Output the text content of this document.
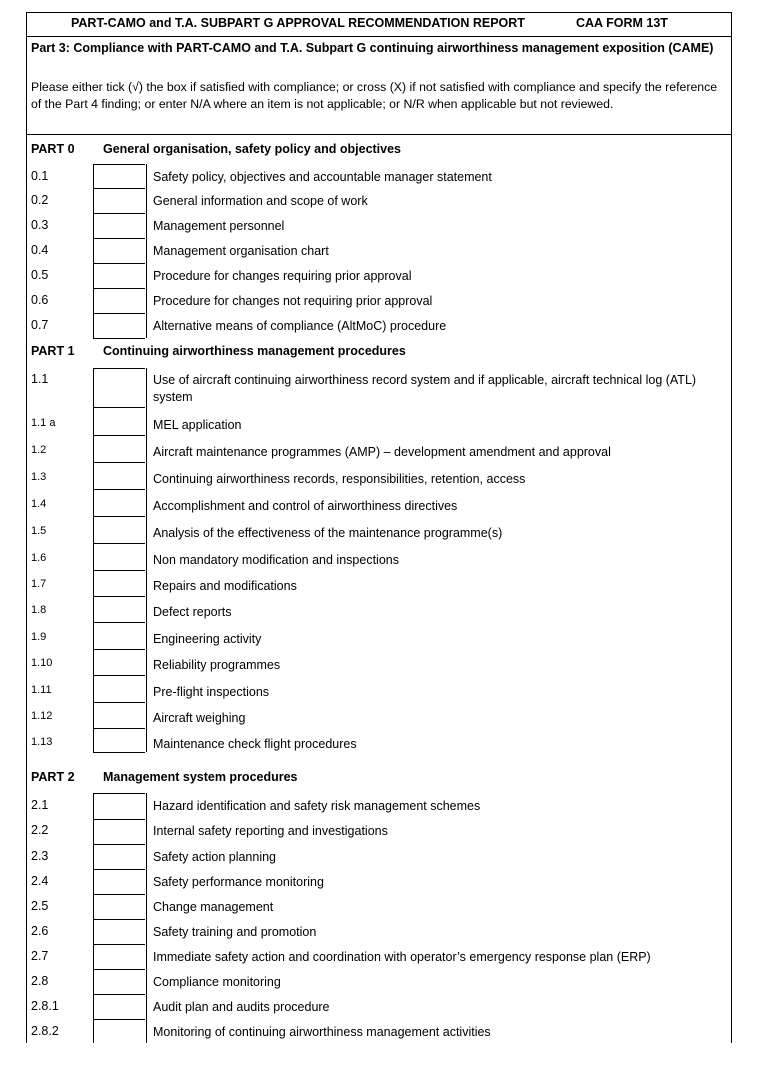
PART-CAMO and T.A. SUBPART G APPROVAL RECOMMENDATION REPORT	CAA FORM 13T
Part 3: Compliance with PART-CAMO and T.A. Subpart G continuing airworthiness management exposition (CAME)
Please either tick (√) the box if satisfied with compliance; or cross (X) if not satisfied with compliance and specify the reference of the Part 4 finding; or enter N/A where an item is not applicable; or N/R when applicable but not reviewed.
PART 0 General organisation, safety policy and objectives
0.1	Safety policy, objectives and accountable manager statement
0.2	General information and scope of work
0.3	Management personnel
0.4	Management organisation chart
0.5	Procedure for changes requiring prior approval
0.6	Procedure for changes not requiring prior approval
0.7	Alternative means of compliance (AltMoC) procedure
PART 1 Continuing airworthiness management procedures
1.1	Use of aircraft continuing airworthiness record system and if applicable, aircraft technical log (ATL) system
1.1 a	MEL application
1.2	Aircraft maintenance programmes (AMP) – development amendment and approval
1.3	Continuing airworthiness records, responsibilities, retention, access
1.4	Accomplishment and control of airworthiness directives
1.5	Analysis of the effectiveness of the maintenance programme(s)
1.6	Non mandatory modification and inspections
1.7	Repairs and modifications
1.8	Defect reports
1.9	Engineering activity
1.10	Reliability programmes
1.11	Pre-flight inspections
1.12	Aircraft weighing
1.13	Maintenance check flight procedures
PART 2 Management system procedures
2.1	Hazard identification and safety risk management schemes
2.2	Internal safety reporting and investigations
2.3	Safety action planning
2.4	Safety performance monitoring
2.5	Change management
2.6	Safety training and promotion
2.7	Immediate safety action and coordination with operator’s emergency response plan (ERP)
2.8	Compliance monitoring
2.8.1	Audit plan and audits procedure
2.8.2	Monitoring of continuing airworthiness management activities
